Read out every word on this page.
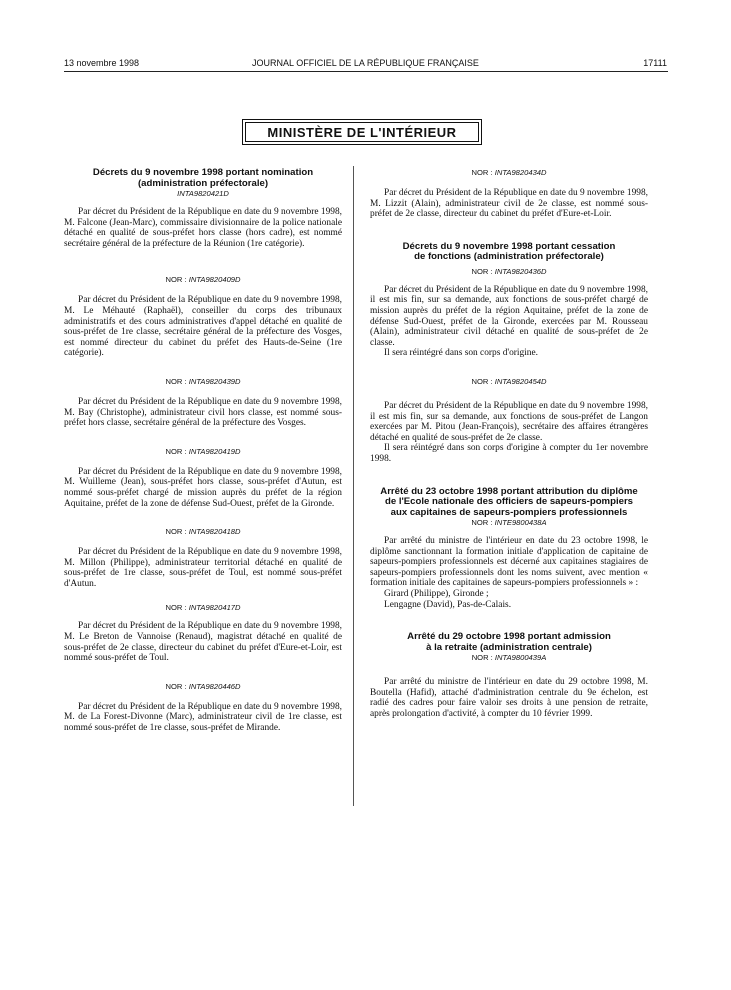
13 novembre 1998	JOURNAL OFFICIEL DE LA RÉPUBLIQUE FRANÇAISE	17111
MINISTÈRE DE L'INTÉRIEUR
Décrets du 9 novembre 1998 portant nomination
(administration préfectorale)
INTA9820421D

Par décret du Président de la République en date du 9 novembre 1998, M. Falcone (Jean-Marc), commissaire divisionnaire de la police nationale détaché en qualité de sous-préfet hors classe (hors cadre), est nommé secrétaire général de la préfecture de la Réunion (1re catégorie).

NOR : INTA9820409D

Par décret du Président de la République en date du 9 novembre 1998, M. Le Méhauté (Raphaël), conseiller du corps des tribunaux administratifs et des cours administratives d'appel détaché en qualité de sous-préfet de 1re classe, secrétaire général de la préfecture des Vosges, est nommé directeur du cabinet du préfet des Hauts-de-Seine (1re catégorie).

NOR : INTA9820439D

Par décret du Président de la République en date du 9 novembre 1998, M. Bay (Christophe), administrateur civil hors classe, est nommé sous-préfet hors classe, secrétaire général de la préfecture des Vosges.

NOR : INTA9820419D

Par décret du Président de la République en date du 9 novembre 1998, M. Wuilleme (Jean), sous-préfet hors classe, sous-préfet d'Autun, est nommé sous-préfet chargé de mission auprès du préfet de la région Aquitaine, préfet de la zone de défense Sud-Ouest, préfet de la Gironde.

NOR : INTA9820418D

Par décret du Président de la République en date du 9 novembre 1998, M. Millon (Philippe), administrateur territorial détaché en qualité de sous-préfet de 1re classe, sous-préfet de Toul, est nommé sous-préfet d'Autun.

NOR : INTA9820417D

Par décret du Président de la République en date du 9 novembre 1998, M. Le Breton de Vannoise (Renaud), magistrat détaché en qualité de sous-préfet de 2e classe, directeur du cabinet du préfet d'Eure-et-Loir, est nommé sous-préfet de Toul.

NOR : INTA9820446D

Par décret du Président de la République en date du 9 novembre 1998, M. de La Forest-Divonne (Marc), administrateur civil de 1re classe, est nommé sous-préfet de 1re classe, sous-préfet de Mirande.

NOR : INTA9820434D

Par décret du Président de la République en date du 9 novembre 1998, M. Lizzit (Alain), administrateur civil de 2e classe, est nommé sous-préfet de 2e classe, directeur du cabinet du préfet d'Eure-et-Loir.

Décrets du 9 novembre 1998 portant cessation
de fonctions (administration préfectorale)
NOR : INTA9820436D

Par décret du Président de la République en date du 9 novembre 1998, il est mis fin, sur sa demande, aux fonctions de sous-préfet chargé de mission auprès du préfet de la région Aquitaine, préfet de la zone de défense Sud-Ouest, préfet de la Gironde, exercées par M. Rousseau (Alain), administrateur civil détaché en qualité de sous-préfet de 2e classe.

Il sera réintégré dans son corps d'origine.

NOR : INTA9820454D

Par décret du Président de la République en date du 9 novembre 1998, il est mis fin, sur sa demande, aux fonctions de sous-préfet de Langon exercées par M. Pitou (Jean-François), secrétaire des affaires étrangères détaché en qualité de sous-préfet de 2e classe.

Il sera réintégré dans son corps d'origine à compter du 1er novembre 1998.

Arrêté du 23 octobre 1998 portant attribution du diplôme
de l'Ecole nationale des officiers de sapeurs-pompiers
aux capitaines de sapeurs-pompiers professionnels
NOR : INTE9800438A

Par arrêté du ministre de l'intérieur en date du 23 octobre 1998, le diplôme sanctionnant la formation initiale d'application de capitaine de sapeurs-pompiers professionnels est décerné aux capitaines stagiaires de sapeurs-pompiers professionnels dont les noms suivent, avec mention « formation initiale des capitaines de sapeurs-pompiers professionnels » :

Girard (Philippe), Gironde ;
Lengagne (David), Pas-de-Calais.
Arrêté du 29 octobre 1998 portant admission
à la retraite (administration centrale)
NOR : INTA9800439A

Par arrêté du ministre de l'intérieur en date du 29 octobre 1998, M. Boutella (Hafid), attaché d'administration centrale du 9e échelon, est radié des cadres pour faire valoir ses droits à une pension de retraite, après prolongation d'activité, à compter du 10 février 1999.
